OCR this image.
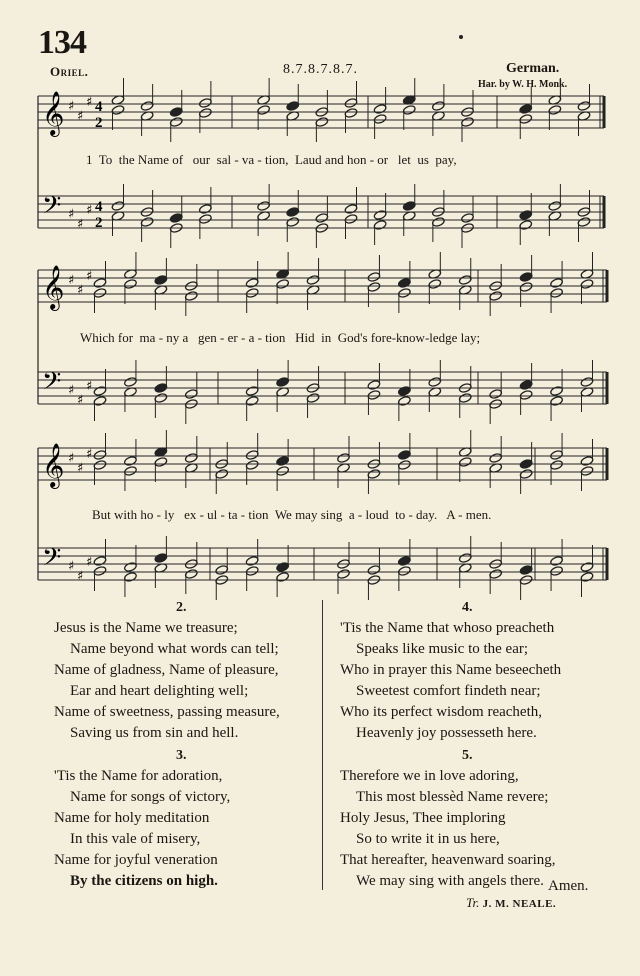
134
Oriel.	8.7.8.7.8.7.	German.
Har. by W. H. Monk.
𝄞
𝄢
♯
♯
♯
♯
♯
♯
4
2
4
2
𝄞
𝄢
♯
♯
♯
♯
♯
♯
𝄞
𝄢
♯
♯
♯
♯
♯
♯
1  To  the Name of   our  sal - va - tion,  Laud and hon - or   let  us  pay,
Which for  ma - ny a   gen - er - a - tion   Hid  in  God's fore-know-ledge lay;
But with ho - ly   ex - ul - ta - tion  We may sing  a - loud  to - day.   A - men.
2.
Jesus is the Name we treasure;
Name beyond what words can tell;
Name of gladness, Name of pleasure,
Ear and heart delighting well;
Name of sweetness, passing measure,
Saving us from sin and hell.
3.
'Tis the Name for adoration,
Name for songs of victory,
Name for holy meditation
In this vale of misery,
Name for joyful veneration
By the citizens on high.
4.
'Tis the Name that whoso preacheth
Speaks like music to the ear;
Who in prayer this Name beseecheth
Sweetest comfort findeth near;
Who its perfect wisdom reacheth,
Heavenly joy possesseth here.
5.
Therefore we in love adoring,
This most blessèd Name revere;
Holy Jesus, Thee imploring
So to write it in us here,
That hereafter, heavenward soaring,
We may sing with angels there. Amen.
Tr. J. M. NEALE.
